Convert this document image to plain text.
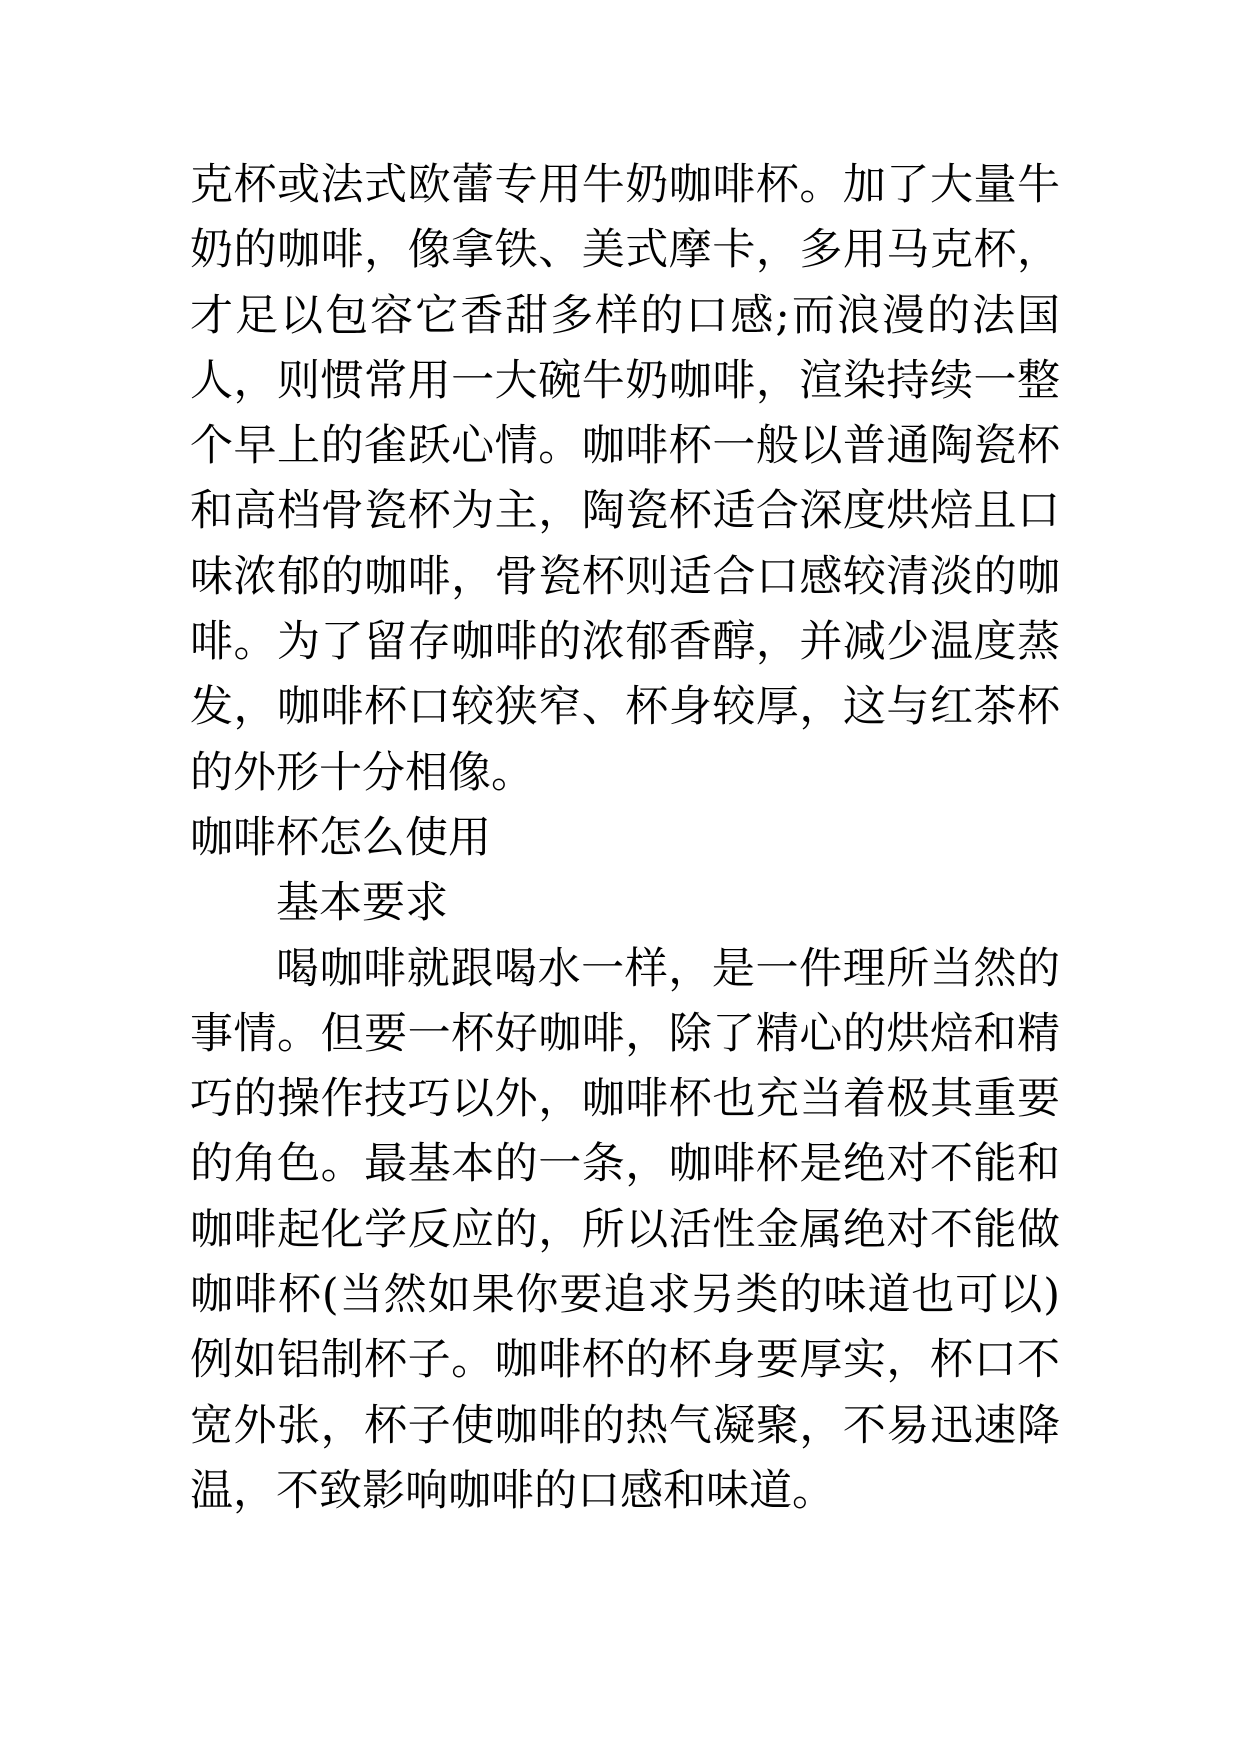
克杯或法式欧蕾专用牛奶咖啡杯。加了大量牛奶的咖啡，像拿铁、美式摩卡，多用马克杯，才足以包容它香甜多样的口感;而浪漫的法国人，则惯常用一大碗牛奶咖啡，渲染持续一整个早上的雀跃心情。咖啡杯一般以普通陶瓷杯和高档骨瓷杯为主，陶瓷杯适合深度烘焙且口味浓郁的咖啡，骨瓷杯则适合口感较清淡的咖啡。为了留存咖啡的浓郁香醇，并减少温度蒸发，咖啡杯口较狭窄、杯身较厚，这与红茶杯的外形十分相像。

咖啡杯怎么使用

基本要求

喝咖啡就跟喝水一样，是一件理所当然的事情。但要一杯好咖啡，除了精心的烘焙和精巧的操作技巧以外，咖啡杯也充当着极其重要的角色。最基本的一条，咖啡杯是绝对不能和咖啡起化学反应的，所以活性金属绝对不能做咖啡杯(当然如果你要追求另类的味道也可以)例如铝制杯子。咖啡杯的杯身要厚实，杯口不宽外张，杯子使咖啡的热气凝聚，不易迅速降温，不致影响咖啡的口感和味道。
